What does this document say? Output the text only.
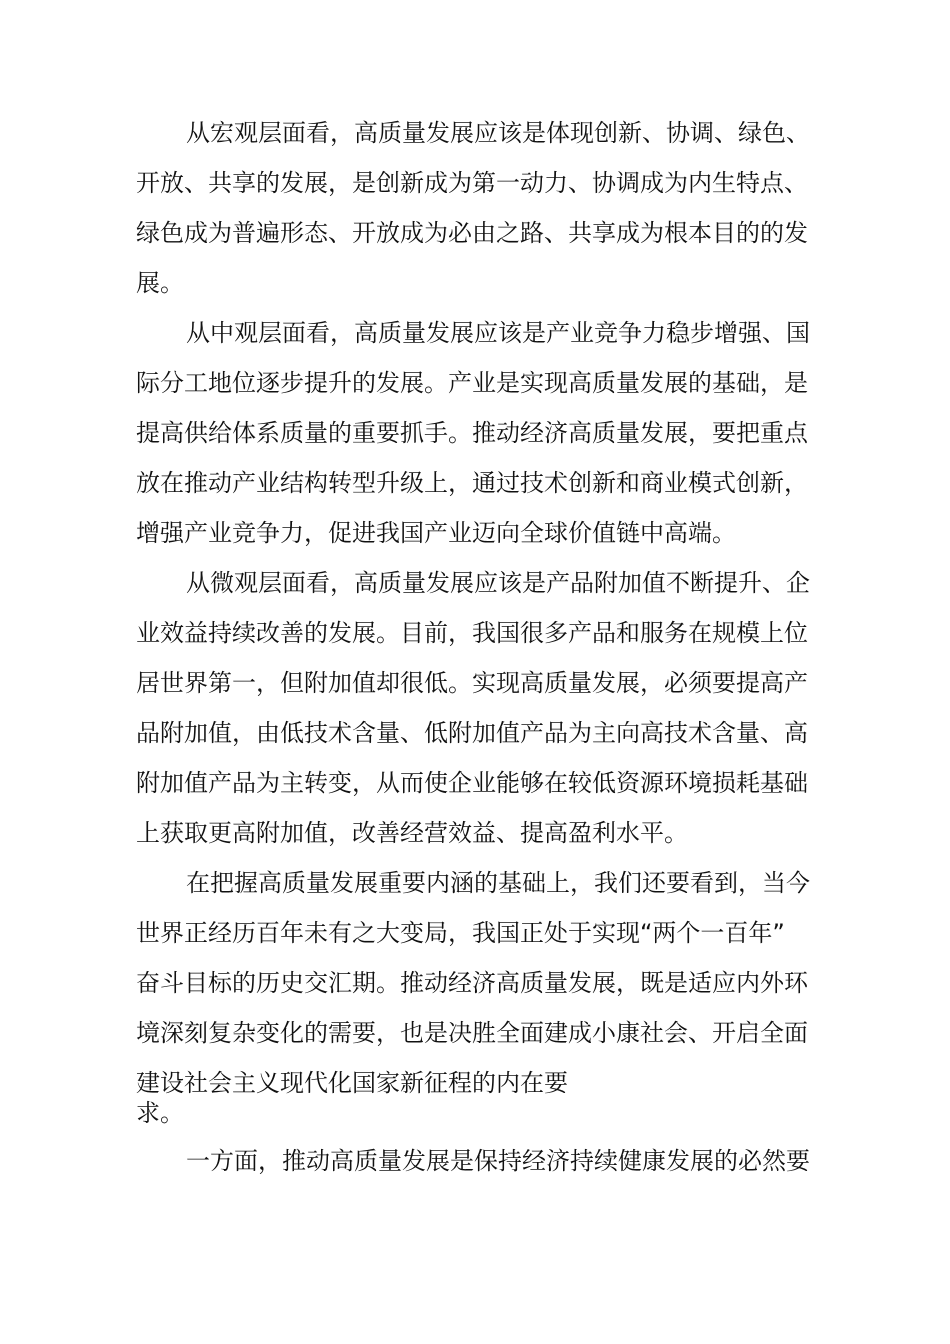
从宏观层面看，高质量发展应该是体现创新、协调、绿色、

开放、共享的发展，是创新成为第一动力、协调成为内生特点、

绿色成为普遍形态、开放成为必由之路、共享成为根本目的的发

展。

从中观层面看，高质量发展应该是产业竞争力稳步增强、国

际分工地位逐步提升的发展。产业是实现高质量发展的基础，是

提高供给体系质量的重要抓手。推动经济高质量发展，要把重点

放在推动产业结构转型升级上，通过技术创新和商业模式创新，

增强产业竞争力，促进我国产业迈向全球价值链中高端。

从微观层面看，高质量发展应该是产品附加值不断提升、企

业效益持续改善的发展。目前，我国很多产品和服务在规模上位

居世界第一，但附加值却很低。实现高质量发展，必须要提高产

品附加值，由低技术含量、低附加值产品为主向高技术含量、高

附加值产品为主转变，从而使企业能够在较低资源环境损耗基础

上获取更高附加值，改善经营效益、提高盈利水平。

在把握高质量发展重要内涵的基础上，我们还要看到，当今

世界正经历百年未有之大变局，我国正处于实现“两个一百年”

奋斗目标的历史交汇期。推动经济高质量发展，既是适应内外环

境深刻复杂变化的需要，也是决胜全面建成小康社会、开启全面

建设社会主义现代化国家新征程的内在要

求。

一方面，推动高质量发展是保持经济持续健康发展的必然要
